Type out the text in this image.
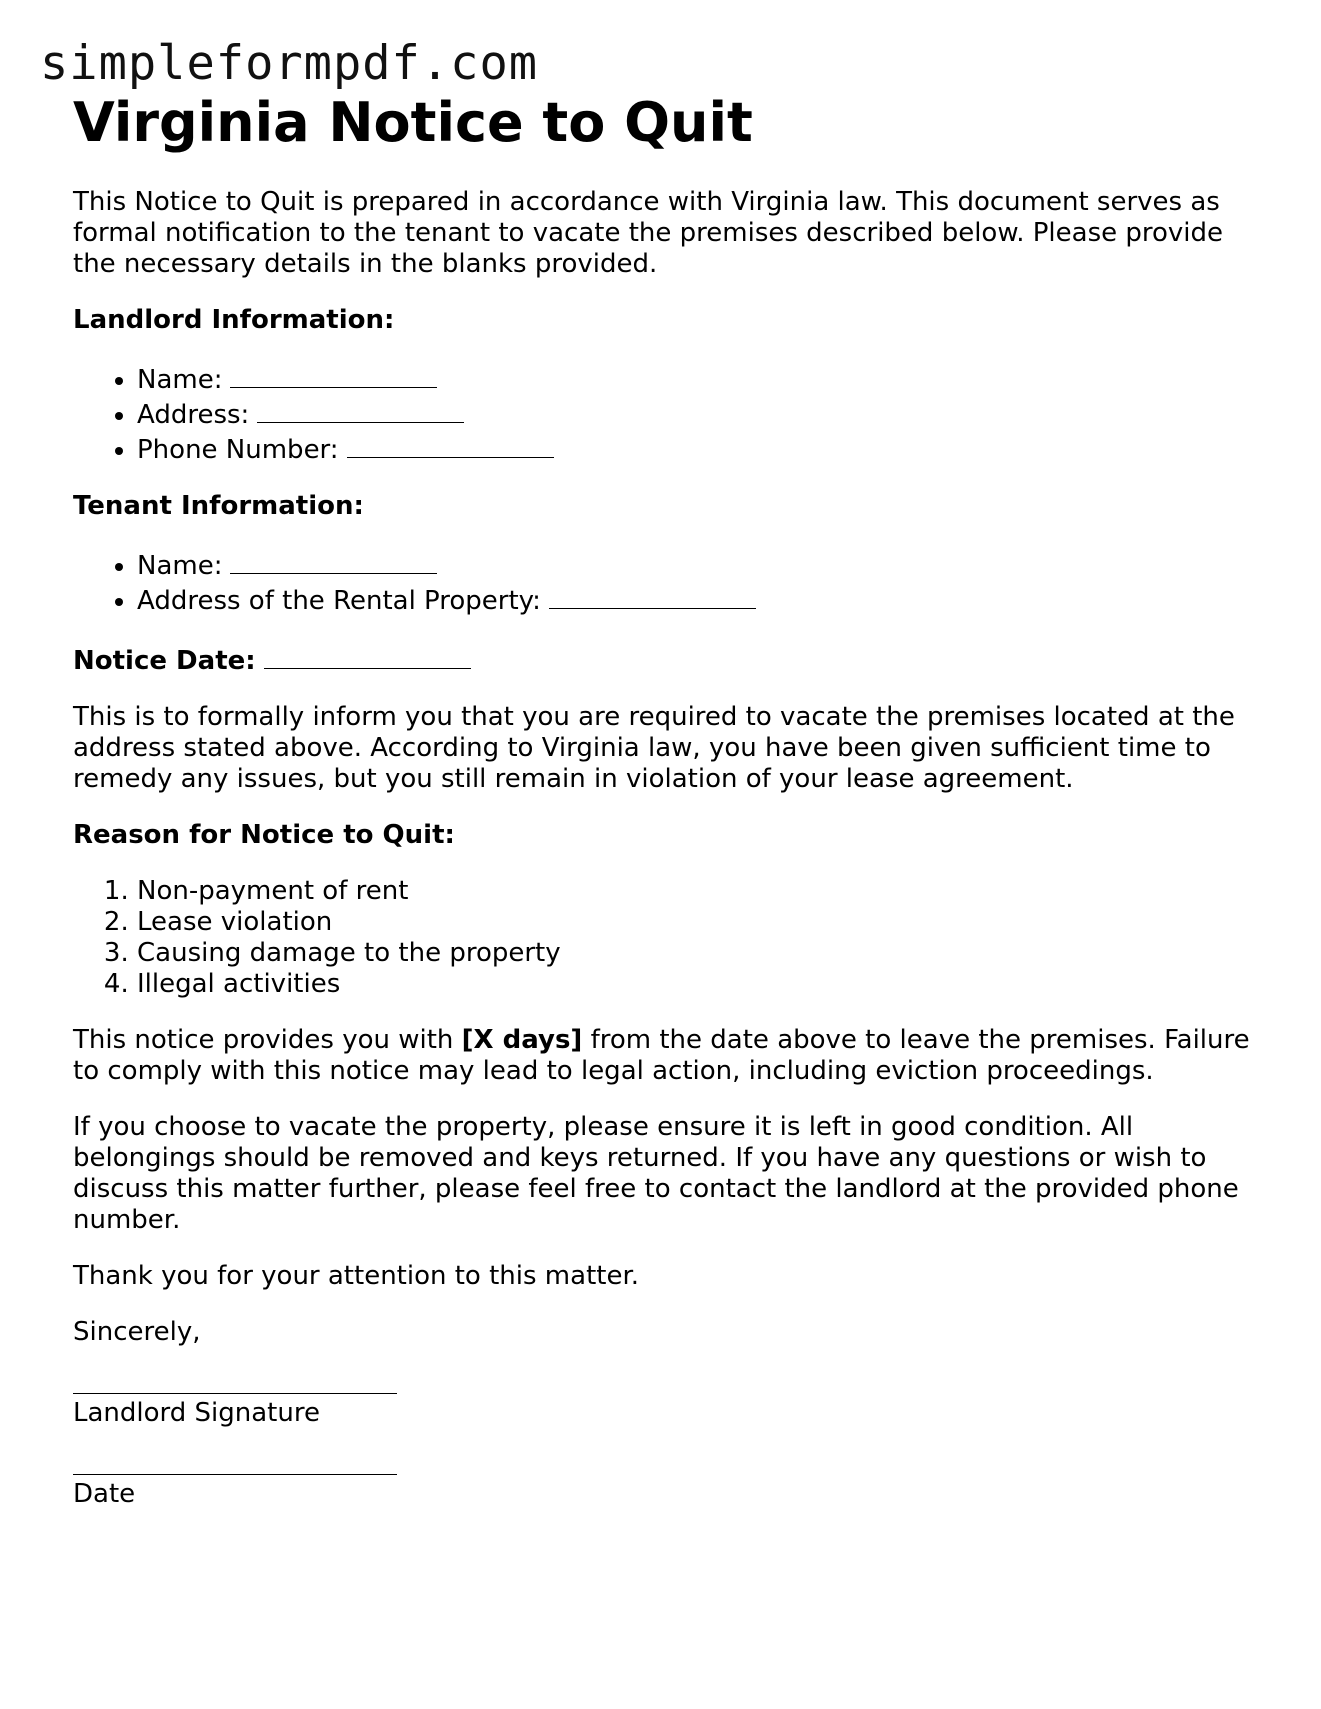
simpleformpdf.com
Virginia Notice to Quit

This Notice to Quit is prepared in accordance with Virginia law. This document serves as formal notification to the tenant to vacate the premises described below. Please provide the necessary details in the blanks provided.

Landlord Information:

• Name:
• Address:
• Phone Number:

Tenant Information:

• Name:
• Address of the Rental Property:

Notice Date:

This is to formally inform you that you are required to vacate the premises located at the address stated above. According to Virginia law, you have been given sufficient time to remedy any issues, but you still remain in violation of your lease agreement.

Reason for Notice to Quit:

1. Non-payment of rent
2. Lease violation
3. Causing damage to the property
4. Illegal activities

This notice provides you with [X days] from the date above to leave the premises. Failure to comply with this notice may lead to legal action, including eviction proceedings.

If you choose to vacate the property, please ensure it is left in good condition. All belongings should be removed and keys returned. If you have any questions or wish to discuss this matter further, please feel free to contact the landlord at the provided phone number.

Thank you for your attention to this matter.

Sincerely,

Landlord Signature

Date
